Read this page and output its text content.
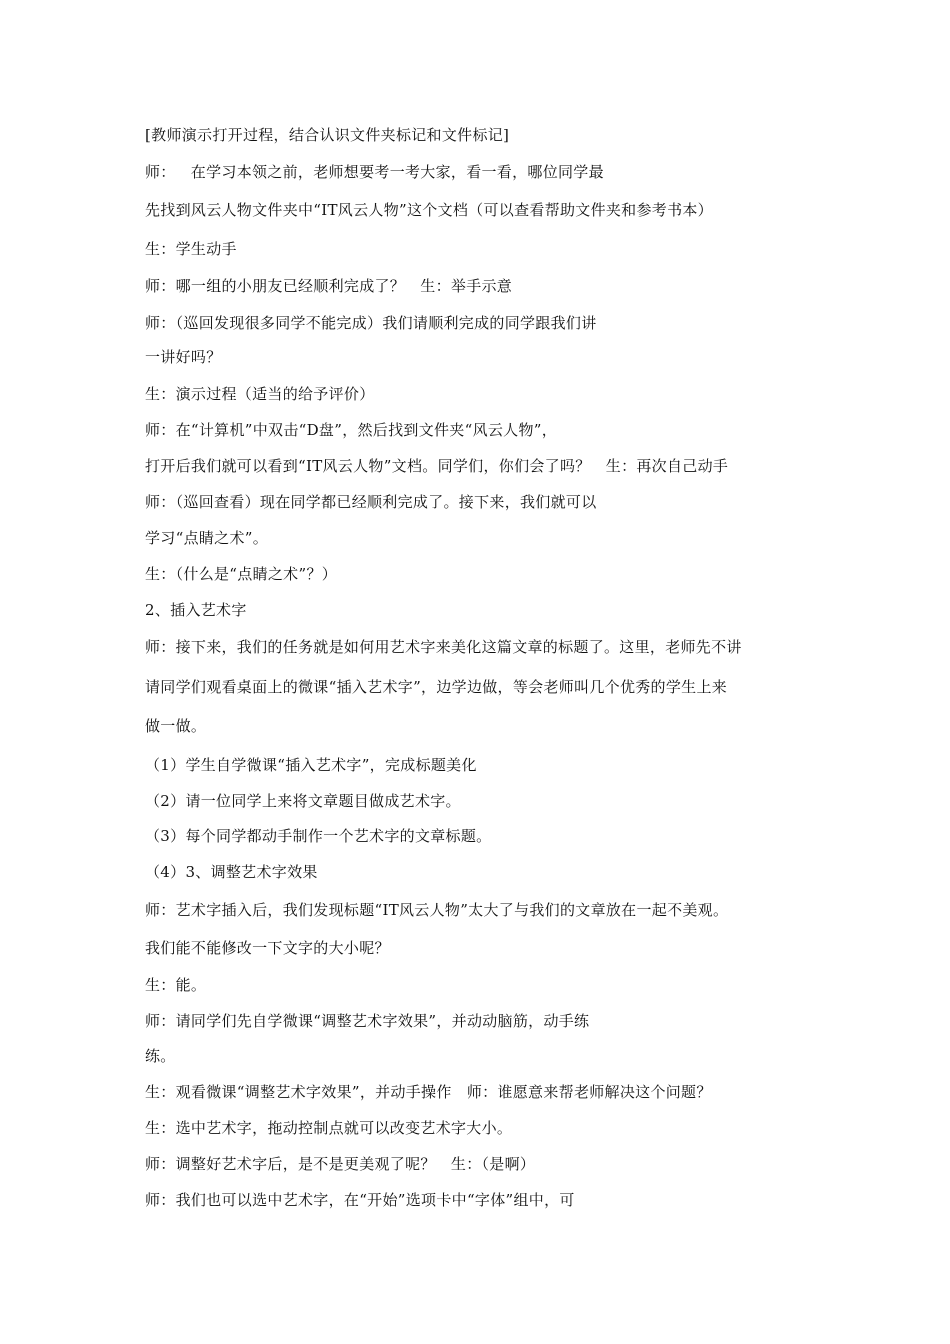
[教师演示打开过程，结合认识文件夹标记和文件标记]
师：   在学习本领之前，老师想要考一考大家，看一看，哪位同学最
先找到风云人物文件夹中“IT风云人物”这个文档（可以查看帮助文件夹和参考书本）
生：学生动手
师：哪一组的小朋友已经顺利完成了？   生：举手示意
师：（巡回发现很多同学不能完成）我们请顺利完成的同学跟我们讲
一讲好吗？
生：演示过程（适当的给予评价）
师：在“计算机”中双击“D盘”，然后找到文件夹“风云人物”，
打开后我们就可以看到“IT风云人物”文档。同学们，你们会了吗？   生：再次自己动手
师：（巡回查看）现在同学都已经顺利完成了。接下来，我们就可以
学习“点睛之术”。
生：（什么是“点睛之术”？）
2、插入艺术字
师：接下来，我们的任务就是如何用艺术字来美化这篇文章的标题了。这里，老师先不讲
请同学们观看桌面上的微课“插入艺术字”，边学边做，等会老师叫几个优秀的学生上来
做一做。
（1）学生自学微课“插入艺术字”，完成标题美化
（2）请一位同学上来将文章题目做成艺术字。
（3）每个同学都动手制作一个艺术字的文章标题。
（4）3、调整艺术字效果
师：艺术字插入后，我们发现标题“IT风云人物”太大了与我们的文章放在一起不美观。
我们能不能修改一下文字的大小呢？
生：能。
师：请同学们先自学微课“调整艺术字效果”，并动动脑筋，动手练
练。
生：观看微课“调整艺术字效果”，并动手操作   师：谁愿意来帮老师解决这个问题？
生：选中艺术字，拖动控制点就可以改变艺术字大小。
师：调整好艺术字后，是不是更美观了呢？   生：（是啊）
师：我们也可以选中艺术字，在“开始”选项卡中“字体”组中，可
